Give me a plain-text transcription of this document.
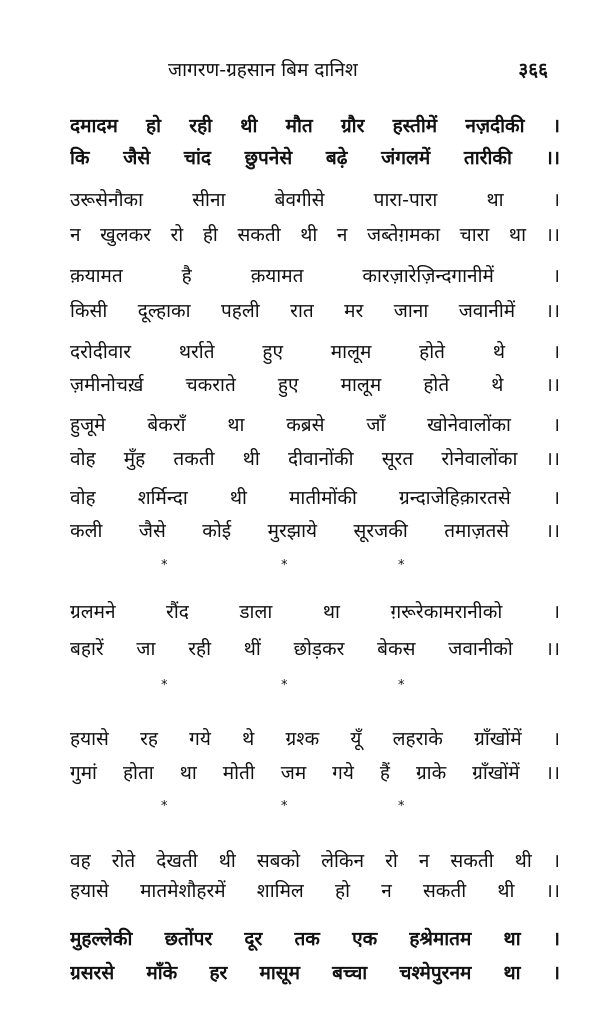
जागरण-ग्रहसान बिम दानिश	३६६
दमादम हो रही थी मौत ग्रौर हस्तीमें नज़दीकी ।
कि जैसे चांद छुपनेसे बढ़े जंगलमें तारीकी ।।
उरूसेनौका सीना बेवगीसे पारा-पारा था ।
न खुलकर रो ही सकती थी न जब्तेग़मका चारा था ।।
क़यामत है क़यामत कारज़ारेज़िन्दगानीमें ।
किसी दूल्हाका पहली रात मर जाना जवानीमें ।।
दरोदीवार थर्राते हुए मालूम होते थे ।
ज़मीनोचर्ख़ चकराते हुए मालूम होते थे ।।
हुजूमे बेकराँ था कब्रसे जाँ खोनेवालोंका ।
वोह मुँह तकती थी दीवानोंकी सूरत रोनेवालोंका ।।
वोह शर्मिन्दा थी मातीमोंकी ग्रन्दाजेहिक़ारतसे ।
कली जैसे कोई मुरझाये सूरजकी तमाज़तसे ।।
*	*	*
ग्रलमने रौंद डाला था ग़रूरेकामरानीको ।
बहारें जा रही थीं छोड़कर बेकस जवानीको ।।
*	*	*
हयासे रह गये थे ग्रश्क यूँ लहराके ग्राँखोंमें ।
गुमां होता था मोती जम गये हैं ग्राके ग्राँखोंमें ।।
*	*	*
वह रोते देखती थी सबको लेकिन रो न सकती थी ।
हयासे मातमेशौहरमें शामिल हो न सकती थी ।।
मुहल्लेकी छतोंपर दूर तक एक हश्रेमातम था ।
ग्रसरसे माँके हर मासूम बच्चा चश्मेपुरनम था ।
